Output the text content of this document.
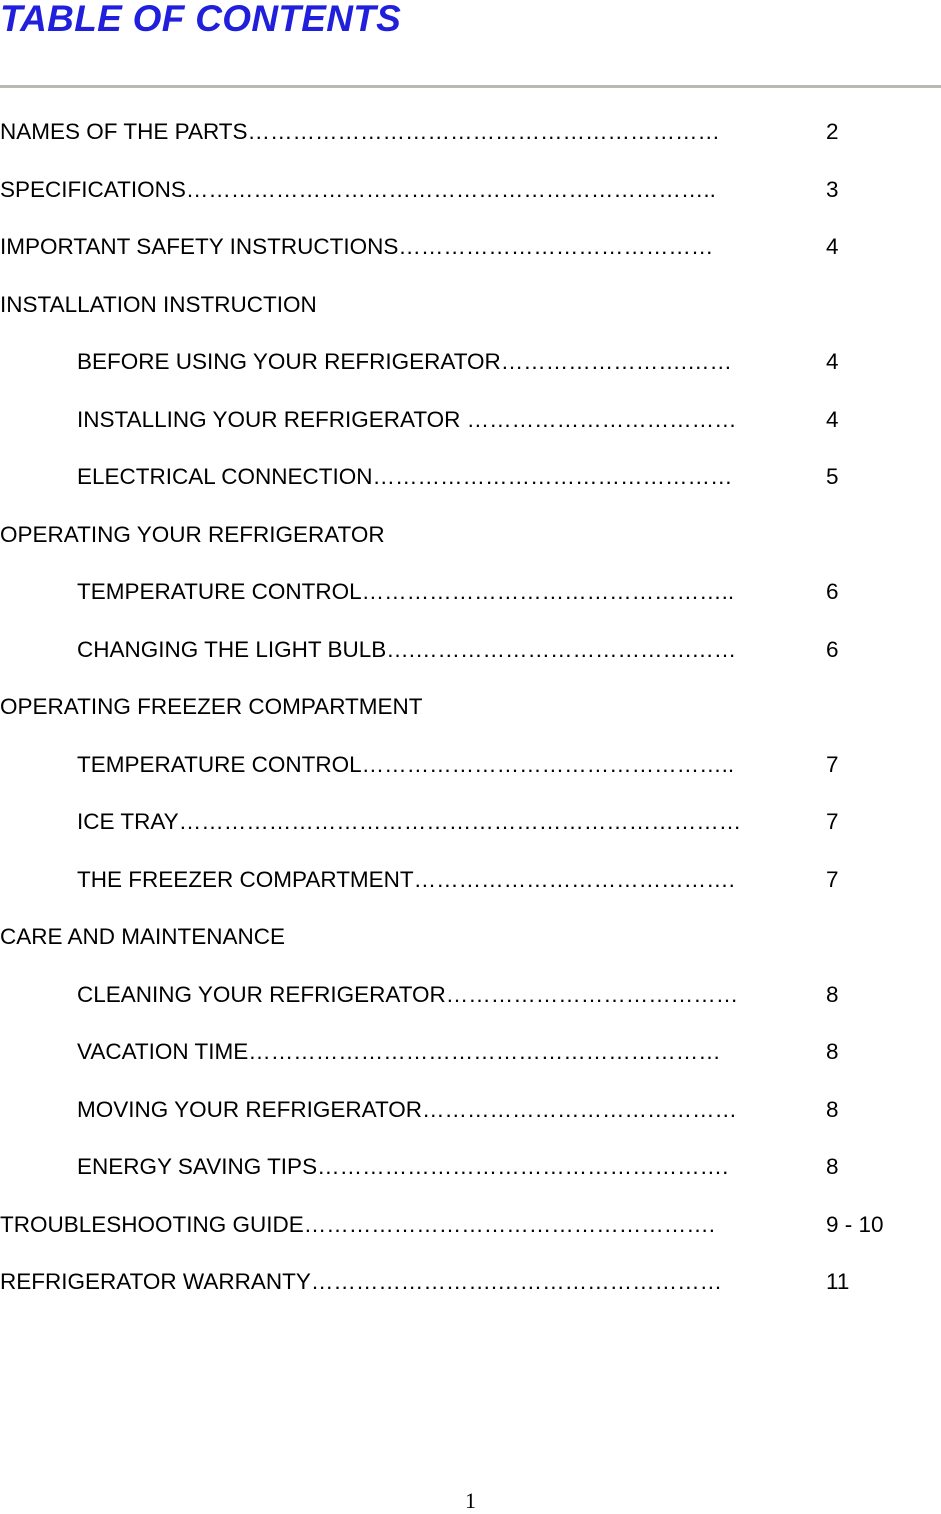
TABLE OF CONTENTS
NAMES OF THE PARTS………………………………………………………	2
SPECIFICATIONS……………………………………………………………..	3
IMPORTANT SAFETY INSTRUCTIONS……………………………………	4
INSTALLATION INSTRUCTION
BEFORE USING YOUR REFRIGERATOR…………………….……	4
INSTALLING YOUR REFRIGERATOR ………………………………	4
ELECTRICAL CONNECTION…………………………………………	5
OPERATING YOUR REFRIGERATOR
TEMPERATURE CONTROL…………………………………………..	6
CHANGING THE LIGHT BULB….……………………………….……	6
OPERATING FREEZER COMPARTMENT
TEMPERATURE CONTROL…………………………………………..	7
ICE TRAY…………………………………………………………………	7
THE FREEZER COMPARTMENT…………………………………….	7
CARE AND MAINTENANCE
CLEANING YOUR REFRIGERATOR…………………………………	8
VACATION TIME………………………………………………………	8
MOVING YOUR REFRIGERATOR……………………………………	8
ENERGY SAVING TIPS……………………………………………….	8
TROUBLESHOOTING GUIDE……………………………………………….	9 - 10
REFRIGERATOR WARRANTY…………………….…………………………	11
1
